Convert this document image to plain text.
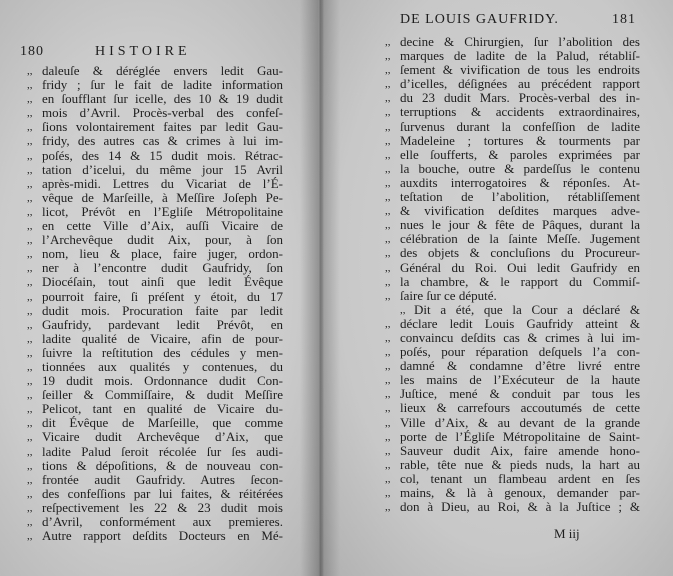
180	HISTOIRE
,, daleuſe & déréglée envers ledit Gau-
,, fridy ; ſur le fait de ladite information
,, en ſoufflant ſur icelle, des 10 & 19 dudit
,, mois d’Avril. Procès-verbal des confeſ-
,, ſions volontairement faites par ledit Gau-
,, fridy, des autres cas & crimes à lui im-
,, poſés, des 14 & 15 dudit mois. Rétrac-
,, tation d’icelui, du même jour 15 Avril
,, après-midi. Lettres du Vicariat de l’É-
,, vêque de Marſeille, à Meſſire Joſeph Pe-
,, licot, Prévôt en l’Egliſe Métropolitaine
,, en cette Ville d’Aix, auſſi Vicaire de
,, l’Archevêque dudit Aix, pour, à ſon
,, nom, lieu & place, faire juger, ordon-
,, ner à l’encontre dudit Gaufridy, ſon
,, Diocéſain, tout ainſi que ledit Évêque
,, pourroit faire, ſi préſent y étoit, du 17
,, dudit mois. Procuration faite par ledit
,, Gaufridy, pardevant ledit Prévôt, en
,, ladite qualité de Vicaire, afin de pour-
,, ſuivre la reſtitution des cédules y men-
,, tionnées aux qualités y contenues, du
,, 19 dudit mois. Ordonnance dudit Con-
,, ſeiller & Commiſſaire, & dudit Meſſire
,, Pelicot, tant en qualité de Vicaire du-
,, dit Évêque de Marſeille, que comme
,, Vicaire dudit Archevêque d’Aix, que
,, ladite Palud ſeroit récolée ſur ſes audi-
,, tions & dépoſitions, & de nouveau con-
,, frontée audit Gaufridy. Autres ſecon-
,, des confeſſions par lui faites, & réitérées
,, reſpectivement les 22 & 23 dudit mois
,, d’Avril, conformément aux premieres.
,, Autre rapport deſdits Docteurs en Mé-
DE LOUIS GAUFRIDY.	181
,, decine & Chirurgien, ſur l’abolition des
,, marques de ladite de la Palud, rétabliſ-
,, ſement & vivification de tous les endroits
,, d’icelles, déſignées au précédent rapport
,, du 23 dudit Mars. Procès-verbal des in-
,, terruptions & accidents extraordinaires,
,, ſurvenus durant la confeſſion de ladite
,, Madeleine ; tortures & tourments par
,, elle ſoufferts, & paroles exprimées par
,, la bouche, outre & pardeſſus le contenu
,, auxdits interrogatoires & réponſes. At-
,, teſtation de l’abolition, rétabliſſement
,, & vivification deſdites marques adve-
,, nues le jour & fête de Pâques, durant la
,, célébration de la ſainte Meſſe. Jugement
,, des objets & concluſions du Procureur-
,, Général du Roi. Oui ledit Gaufridy en
,, la chambre, & le rapport du Commiſ-
,, ſaire ſur ce député.
,, Dit a été, que la Cour a déclaré &
,, déclare ledit Louis Gaufridy atteint &
,, convaincu deſdits cas & crimes à lui im-
,, poſés, pour réparation deſquels l’a con-
,, damné & condamne d’être livré entre
,, les mains de l’Exécuteur de la haute
,, Juſtice, mené & conduit par tous les
,, lieux & carrefours accoutumés de cette
,, Ville d’Aix, & au devant de la grande
,, porte de l’Égliſe Métropolitaine de Saint-
,, Sauveur dudit Aix, faire amende hono-
,, rable, tête nue & pieds nuds, la hart au
,, col, tenant un flambeau ardent en ſes
,, mains, & là à genoux, demander par-
,, don à Dieu, au Roi, & à la Juſtice ; &
M iij
